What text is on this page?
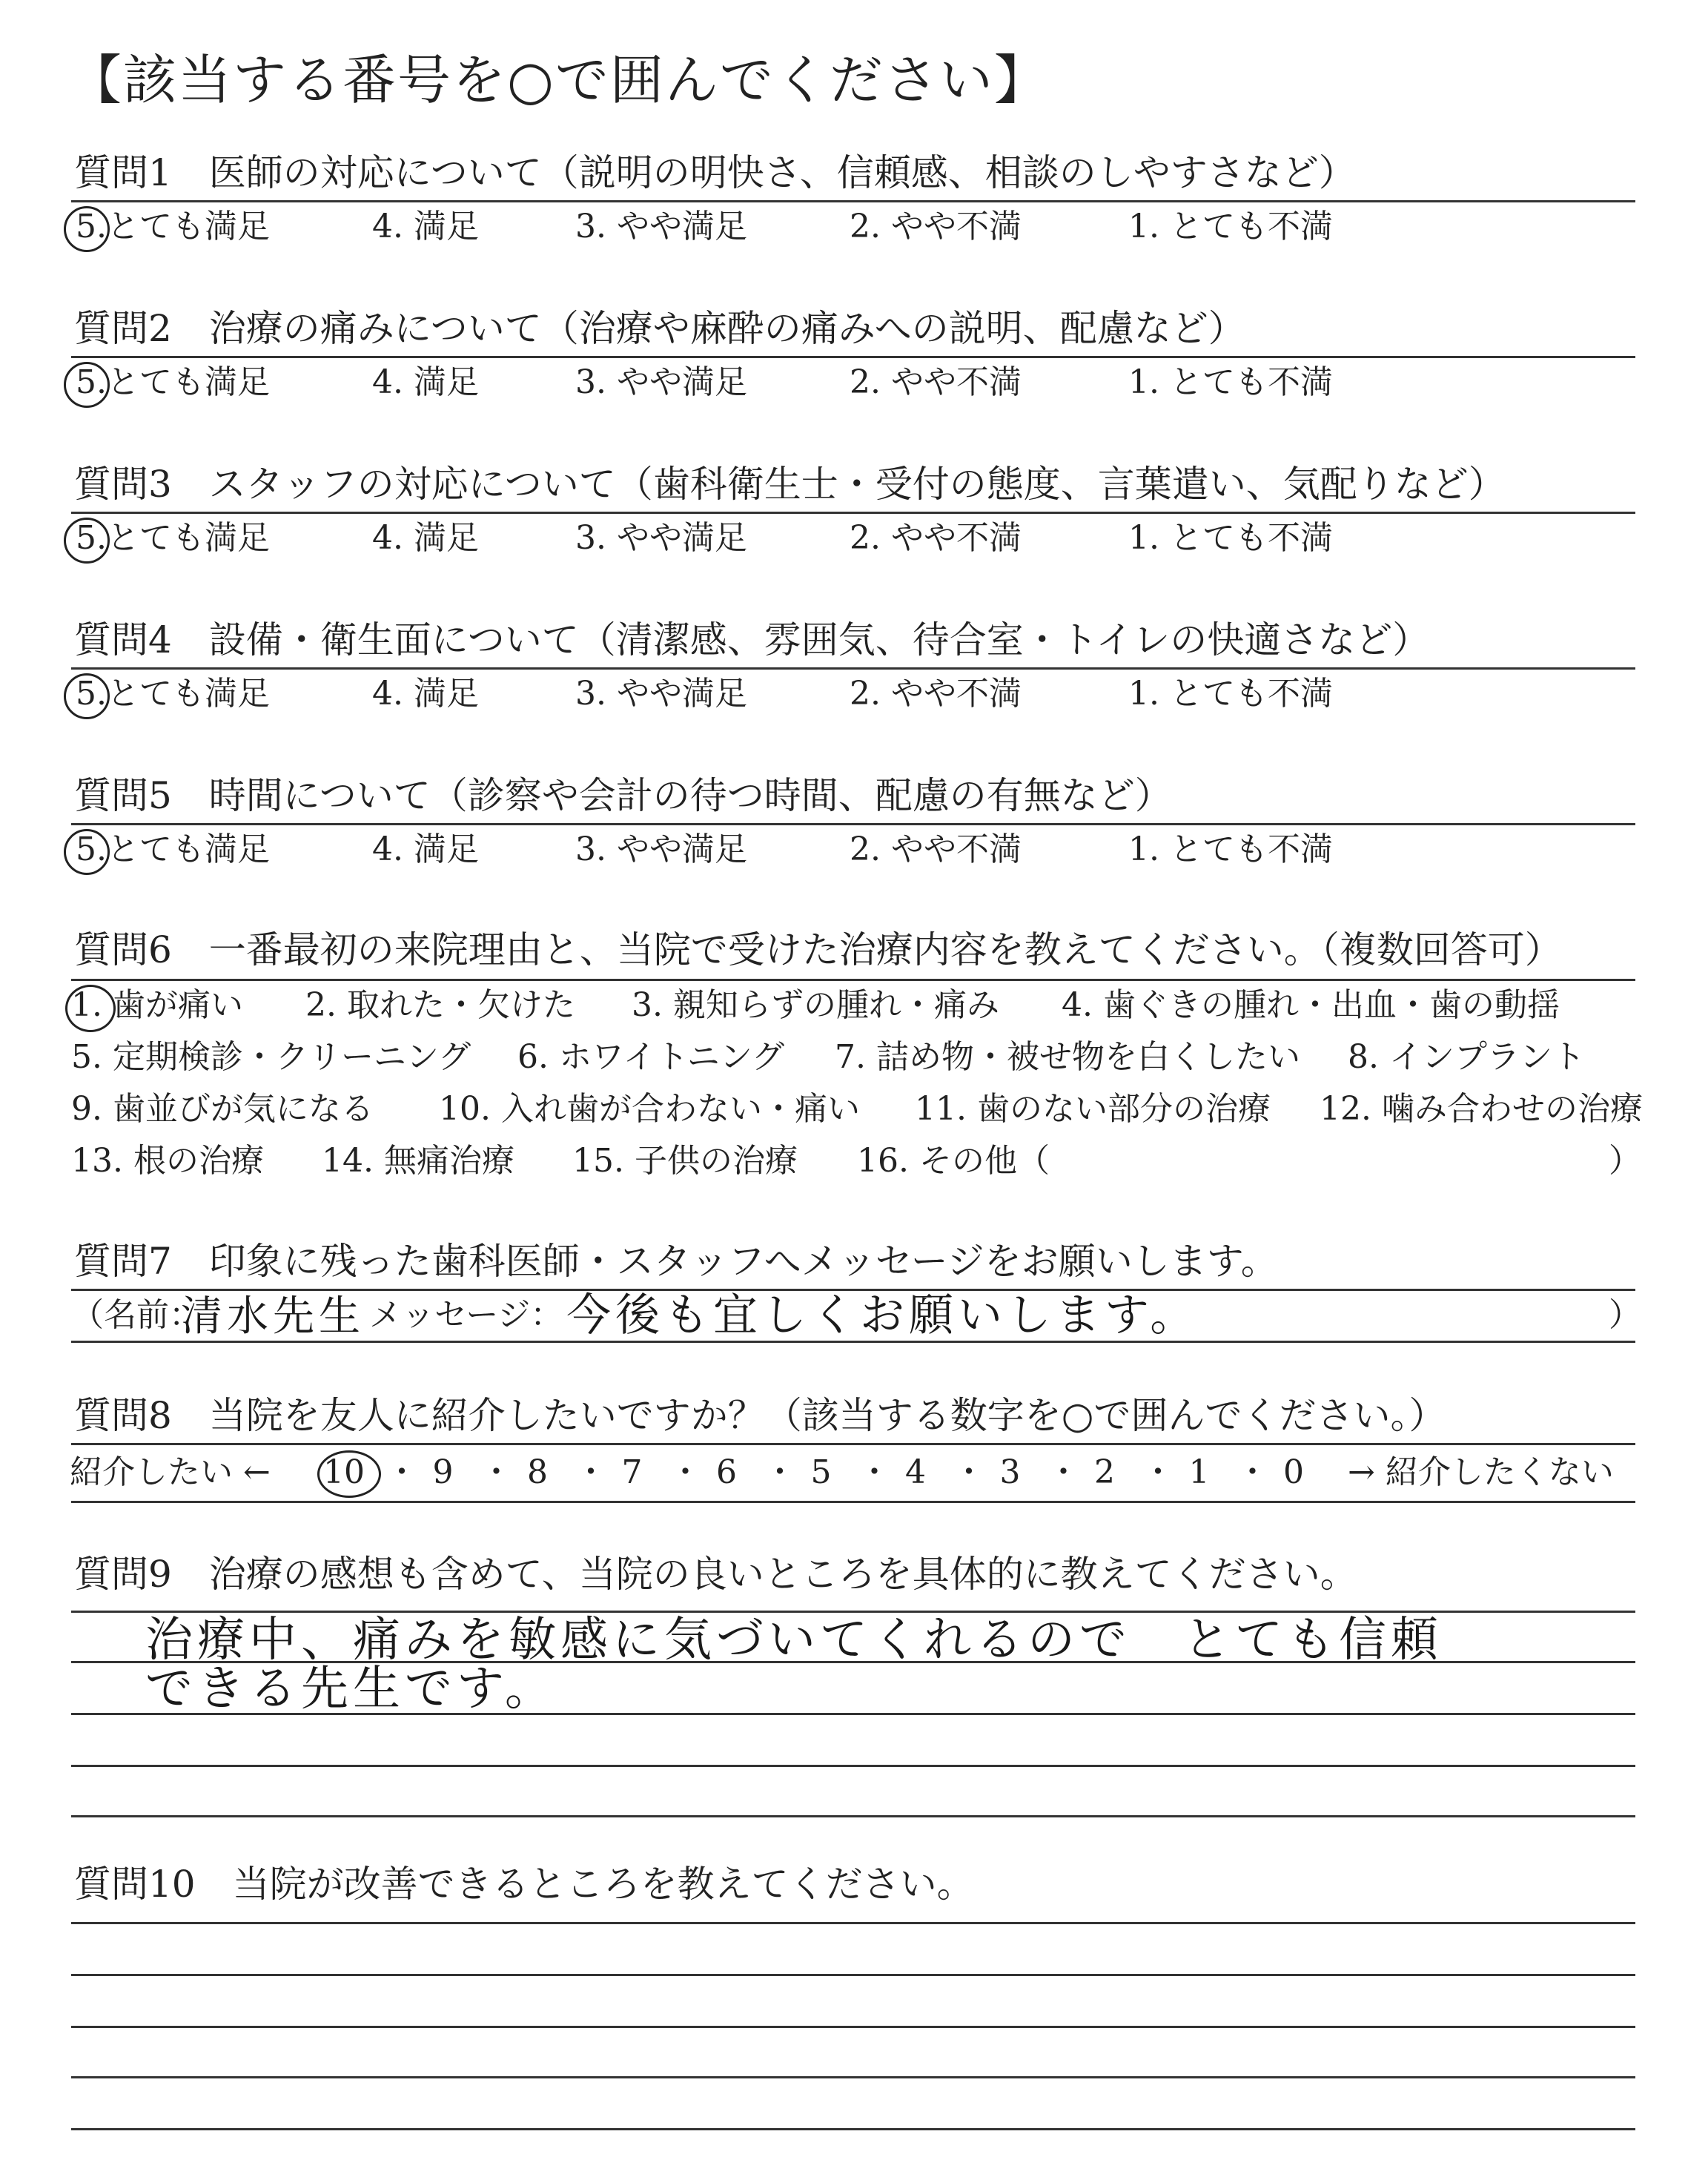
【該当する番号を○で囲んでください】
質問1　医師の対応について（説明の明快さ、信頼感、相談のしやすさなど）
5.とても満足	4. 満足	3. やや満足	2. やや不満	1. とても不満
質問2　治療の痛みについて（治療や麻酔の痛みへの説明、配慮など）
5.とても満足	4. 満足	3. やや満足	2. やや不満	1. とても不満
質問3　スタッフの対応について（歯科衛生士・受付の態度、言葉遣い、気配りなど）
5.とても満足	4. 満足	3. やや満足	2. やや不満	1. とても不満
質問4　設備・衛生面について（清潔感、雰囲気、待合室・トイレの快適さなど）
5.とても満足	4. 満足	3. やや満足	2. やや不満	1. とても不満
質問5　時間について（診察や会計の待つ時間、配慮の有無など）
5.とても満足	4. 満足	3. やや満足	2. やや不満	1. とても不満
質問6　一番最初の来院理由と、当院で受けた治療内容を教えてください。（複数回答可）
1. 歯が痛い 2. 取れた・欠けた 3. 親知らずの腫れ・痛み 4. 歯ぐきの腫れ・出血・歯の動揺
5. 定期検診・クリーニング 6. ホワイトニング 7. 詰め物・被せ物を白くしたい 8. インプラント
9. 歯並びが気になる 10. 入れ歯が合わない・痛い 11. 歯のない部分の治療 12. 噛み合わせの治療
13. 根の治療 14. 無痛治療 15. 子供の治療 16. その他（	）
質問7　印象に残った歯科医師・スタッフへメッセージをお願いします。
（名前：
清水先生 メッセージ： 今後も宜しくお願いします。	）
質問8　当院を友人に紹介したいですか？（該当する数字を○で囲んでください。）
紹介したい ← 10 ・ 9 ・ 8 ・ 7 ・ 6 ・ 5 ・ 4 ・ 3 ・ 2 ・ 1 ・ 0 → 紹介したくない
質問9　治療の感想も含めて、当院の良いところを具体的に教えてください。
治療中、痛みを敏感に気づいてくれるので　とても信頼
できる先生です。
質問10　当院が改善できるところを教えてください。
